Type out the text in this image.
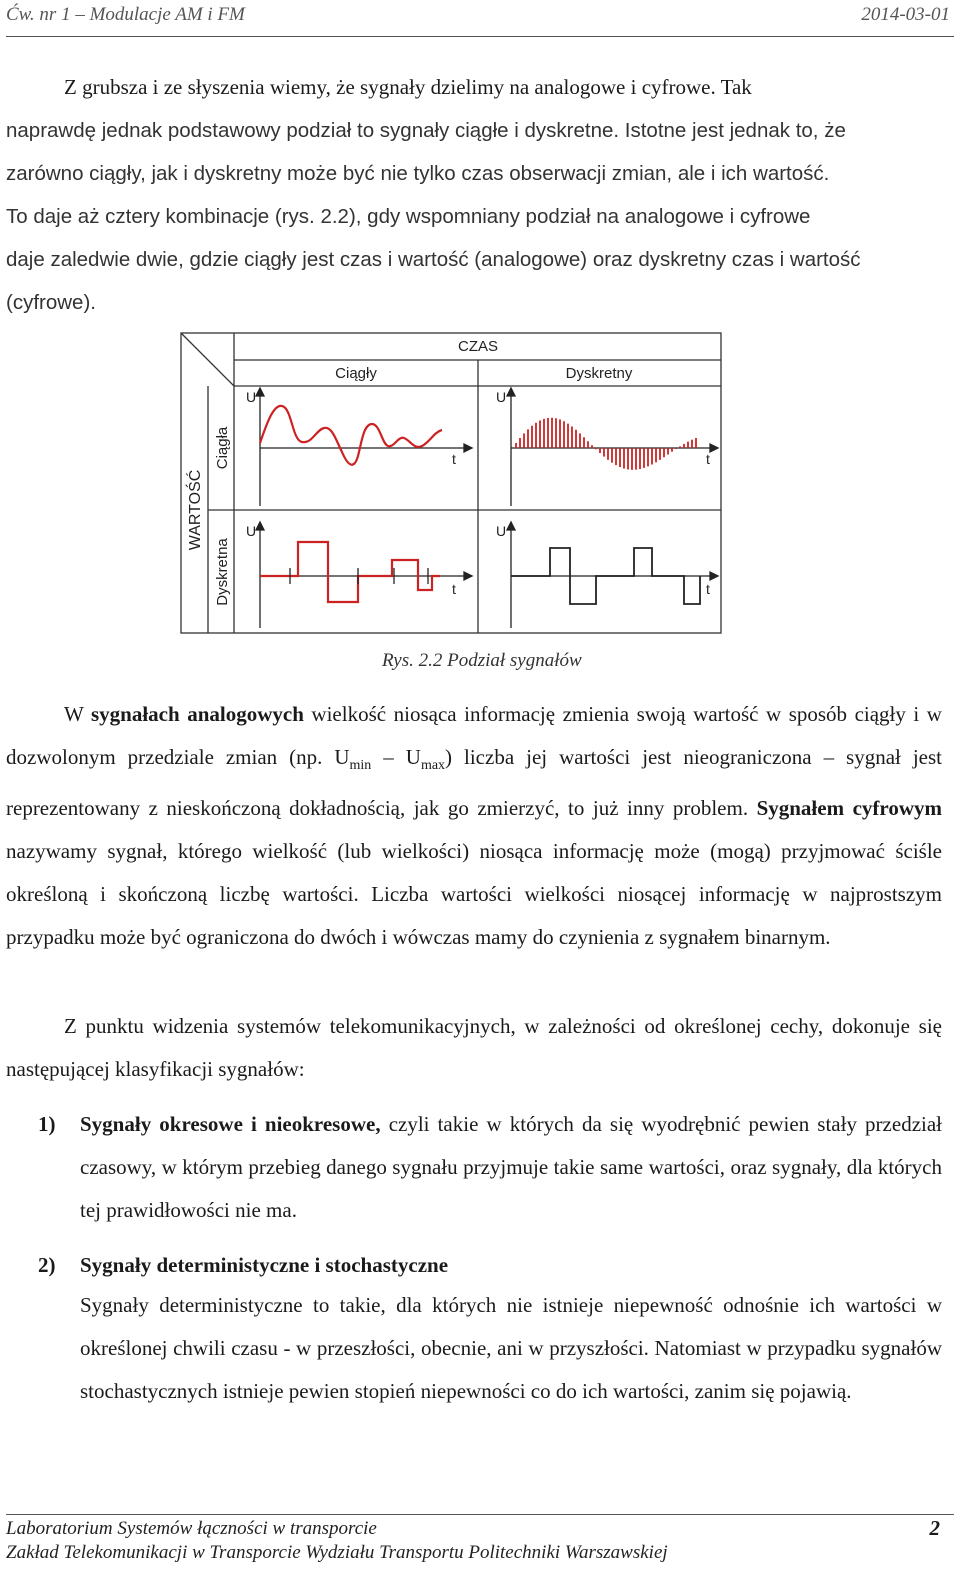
Ćw. nr 1 – Modulacje AM i FM	2014-03-01
Z grubsza i ze słyszenia wiemy, że sygnały dzielimy na analogowe i cyfrowe. Tak
naprawdę jednak podstawowy podział to sygnały ciągłe i dyskretne. Istotne jest jednak to, że
zarówno ciągły, jak i dyskretny może być nie tylko czas obserwacji zmian, ale i ich wartość.
To daje aż cztery kombinacje (rys. 2.2), gdy wspomniany podział na analogowe i cyfrowe
daje zaledwie dwie, gdzie ciągły jest czas i wartość (analogowe) oraz dyskretny czas i wartość
(cyfrowe).
CZAS
Ciągły	Dyskretny
WARTOŚĆ
Ciągła
Dyskretna
U	U
U	U
t	t
t	t
Rys. 2.2 Podział sygnałów
W sygnałach analogowych wielkość niosąca informację zmienia swoją wartość w sposób ciągły i w dozwolonym przedziale zmian (np. $U_{min} - U_{max}$) liczba jej wartości jest nieograniczona – sygnał jest reprezentowany z nieskończoną dokładnością, jak go zmierzyć, to już inny problem. Sygnałem cyfrowym nazywamy sygnał, którego wielkość (lub wielkości) niosąca informację może (mogą) przyjmować ściśle określoną i skończoną liczbę wartości. Liczba wartości wielkości niosącej informację w najprostszym przypadku może być ograniczona do dwóch i wówczas mamy do czynienia z sygnałem binarnym.
Z punktu widzenia systemów telekomunikacyjnych, w zależności od określonej cechy, dokonuje się następującej klasyfikacji sygnałów:
1) Sygnały okresowe i nieokresowe, czyli takie w których da się wyodrębnić pewien stały przedział czasowy, w którym przebieg danego sygnału przyjmuje takie same wartości, oraz sygnały, dla których tej prawidłowości nie ma.
2) Sygnały deterministyczne i stochastyczne
Sygnały deterministyczne to takie, dla których nie istnieje niepewność odnośnie ich wartości w określonej chwili czasu - w przeszłości, obecnie, ani w przyszłości. Natomiast w przypadku sygnałów stochastycznych istnieje pewien stopień niepewności co do ich wartości, zanim się pojawią.
Laboratorium Systemów łączności w transporcie
Zakład Telekomunikacji w Transporcie Wydziału Transportu Politechniki Warszawskiej
2
